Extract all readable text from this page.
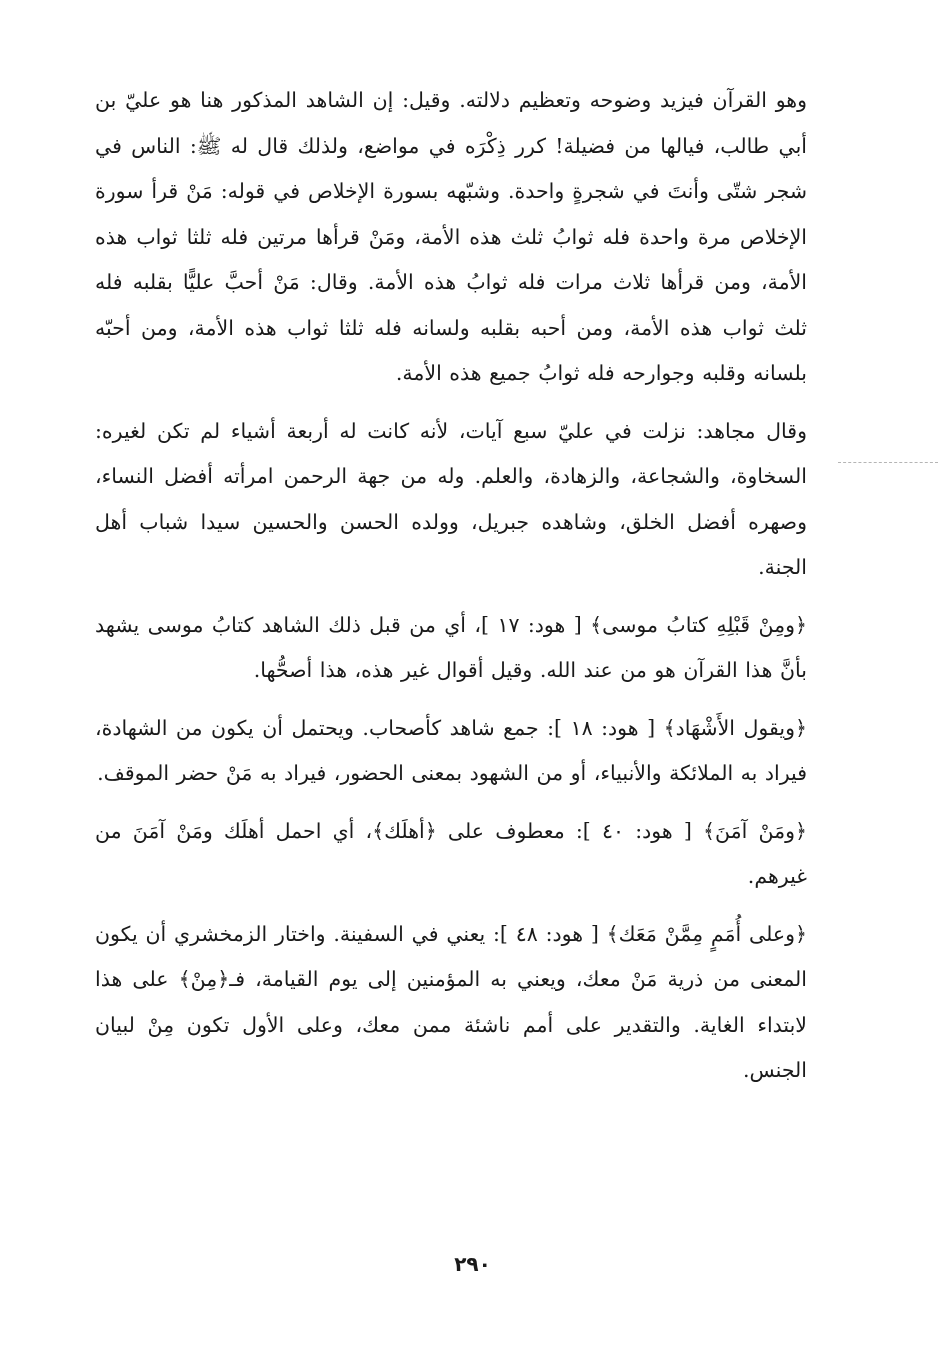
وهو القرآن فيزيد وضوحه وتعظيم دلالته. وقيل: إن الشاهد المذكور هنا هو عليّ بن أبي طالب، فيالها من فضيلة! كرر ذِكْرَه في مواضع، ولذلك قال له ﷺ: الناس في شجر شتّى وأنتَ في شجرةٍ واحدة. وشبّهه بسورة الإخلاص في قوله: مَنْ قرأ سورة الإخلاص مرة واحدة فله ثوابُ ثلث هذه الأمة، ومَنْ قرأها مرتين فله ثلثا ثواب هذه الأمة، ومن قرأها ثلاث مرات فله ثوابُ هذه الأمة. وقال: مَنْ أحبَّ عليًّا بقلبه فله ثلث ثواب هذه الأمة، ومن أحبه بقلبه ولسانه فله ثلثا ثواب هذه الأمة، ومن أحبّه بلسانه وقلبه وجوارحه فله ثوابُ جميع هذه الأمة.

وقال مجاهد: نزلت في عليّ سبع آيات، لأنه كانت له أربعة أشياء لم تكن لغيره: السخاوة، والشجاعة، والزهادة، والعلم. وله من جهة الرحمن امرأته أفضل النساء، وصهره أفضل الخلق، وشاهده جبريل، وولده الحسن والحسين سيدا شباب أهل الجنة.

﴿ومِنْ قَبْلِهِ كتابُ موسى﴾ [ هود: ١٧ ]، أي من قبل ذلك الشاهد كتابُ موسى يشهد بأنَّ هذا القرآن هو من عند الله. وقيل أقوال غير هذه، هذا أصحُّها.

﴿ويقول الأَشْهَاد﴾ [ هود: ١٨ ]: جمع شاهد كأصحاب. ويحتمل أن يكون من الشهادة، فيراد به الملائكة والأنبياء، أو من الشهود بمعنى الحضور، فيراد به مَنْ حضر الموقف.

﴿ومَنْ آمَنَ﴾ [ هود: ٤٠ ]: معطوف على ﴿أهلَك﴾، أي احمل أهلَك ومَنْ آمَنَ من غيرهم.

﴿وعلى أُمَمٍ مِمَّنْ مَعَك﴾ [ هود: ٤٨ ]: يعني في السفينة. واختار الزمخشري أن يكون المعنى من ذرية مَنْ معك، ويعني به المؤمنين إلى يوم القيامة، فـ﴿مِنْ﴾ على هذا لابتداء الغاية. والتقدير على أمم ناشئة ممن معك، وعلى الأول تكون مِنْ لبيان الجنس.

٢٩٠
